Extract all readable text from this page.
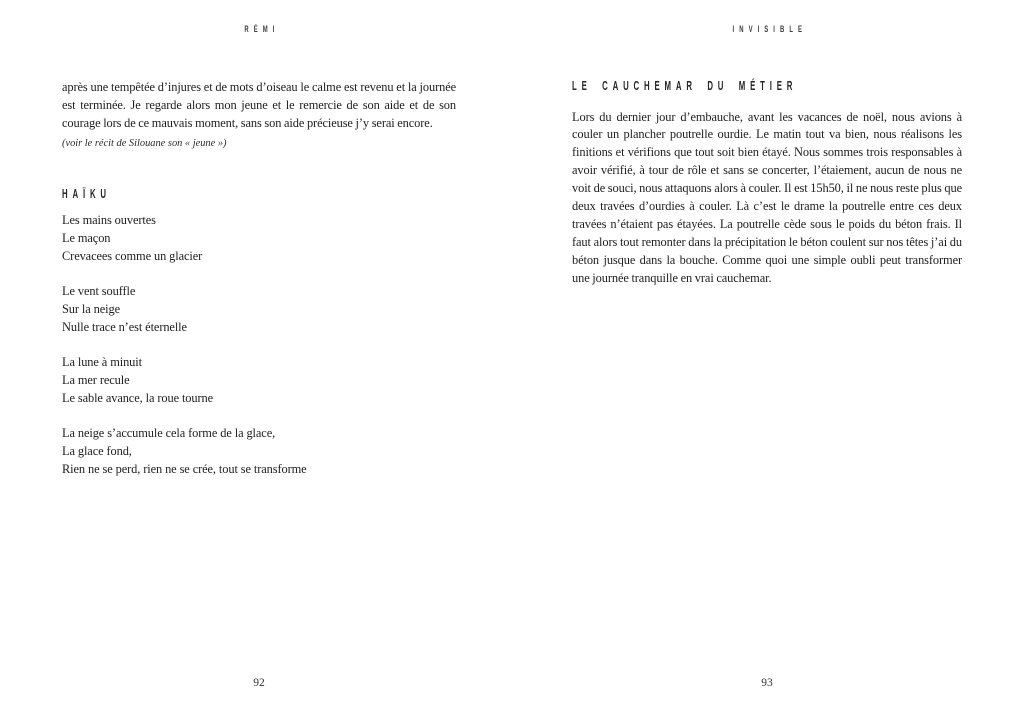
RÉMI	INVISIBLE
après une tempêtée d’injures et de mots d’oiseau le calme est revenu et la journée est terminée. Je regarde alors mon jeune et le remercie de son aide et de son courage lors de ce mauvais moment, sans son aide précieuse j’y serai encore.
(voir le récit de Silouane son « jeune »)
HAÏKU
Les mains ouvertes
Le maçon
Crevacees comme un glacier
Le vent souffle
Sur la neige
Nulle trace n’est éternelle
La lune à minuit
La mer recule
Le sable avance, la roue tourne
La neige s’accumule cela forme de la glace,
La glace fond,
Rien ne se perd, rien ne se crée, tout se transforme
LE CAUCHEMAR DU MÉTIER
Lors du dernier jour d’embauche, avant les vacances de noël, nous avions à couler un plancher poutrelle ourdie. Le matin tout va bien, nous réalisons les finitions et vérifions que tout soit bien étayé. Nous sommes trois responsables à avoir vérifié, à tour de rôle et sans se concerter, l’étaiement, aucun de nous ne voit de souci, nous attaquons alors à couler. Il est 15h50, il ne nous reste plus que deux travées d’ourdies à couler. Là c’est le drame la poutrelle entre ces deux travées n’étaient pas étayées. La poutrelle cède sous le poids du béton frais. Il faut alors tout remonter dans la précipitation le béton coulent sur nos têtes j’ai du béton jusque dans la bouche. Comme quoi une simple oubli peut transformer une journée tranquille en vrai cauchemar.
92	93
